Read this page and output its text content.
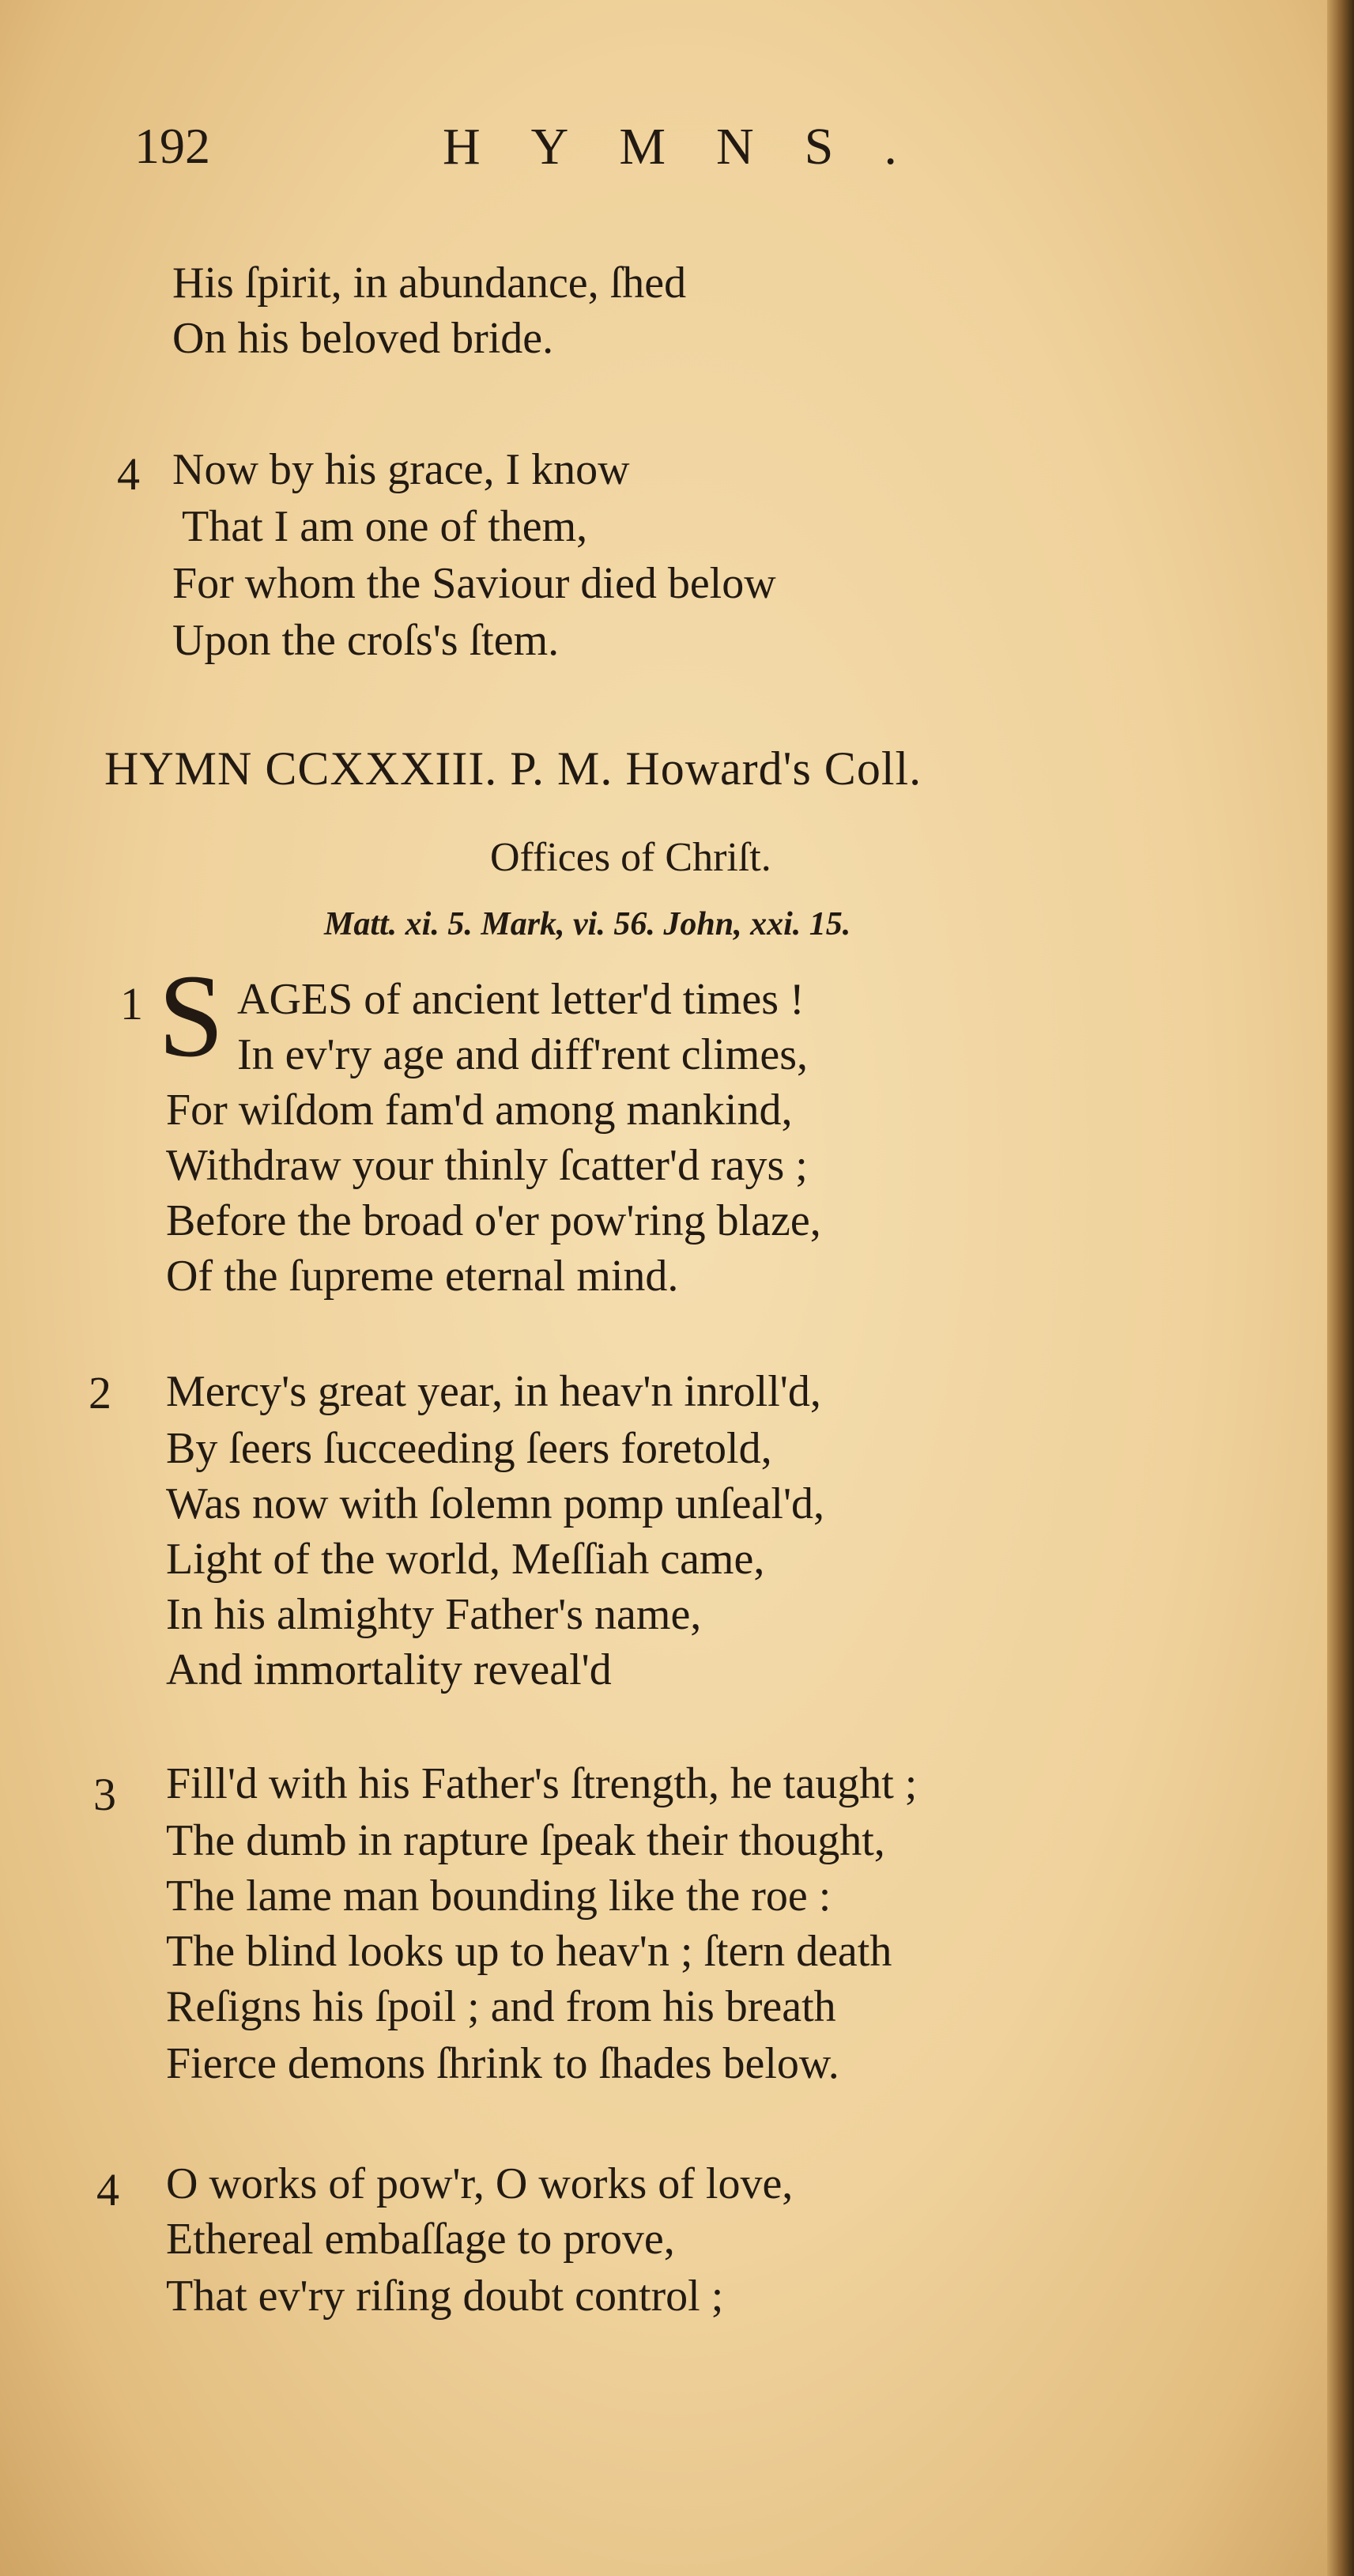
192	HYMNS.
His ſpirit, in abundance, ſhed
On his beloved bride.
4 Now by his grace, I know
That I am one of them,
For whom the Saviour died below
Upon the croſs's ſtem.
HYMN CCXXXIII. P. M. Howard's Coll.
Offices of Chriſt.
Matt. xi. 5. Mark, vi. 56. John, xxi. 15.
1 S AGES of ancient letter'd times !
In ev'ry age and diff'rent climes,
For wiſdom fam'd among mankind,
Withdraw your thinly ſcatter'd rays ;
Before the broad o'er pow'ring blaze,
Of the ſupreme eternal mind.
2 Mercy's great year, in heav'n inroll'd,
By ſeers ſucceeding ſeers foretold,
Was now with ſolemn pomp unſeal'd,
Light of the world, Meſſiah came,
In his almighty Father's name,
And immortality reveal'd
3 Fill'd with his Father's ſtrength, he taught ;
The dumb in rapture ſpeak their thought,
The lame man bounding like the roe :
The blind looks up to heav'n ; ſtern death
Reſigns his ſpoil ; and from his breath
Fierce demons ſhrink to ſhades below.
4 O works of pow'r, O works of love,
Ethereal embaſſage to prove,
That ev'ry riſing doubt control ;
